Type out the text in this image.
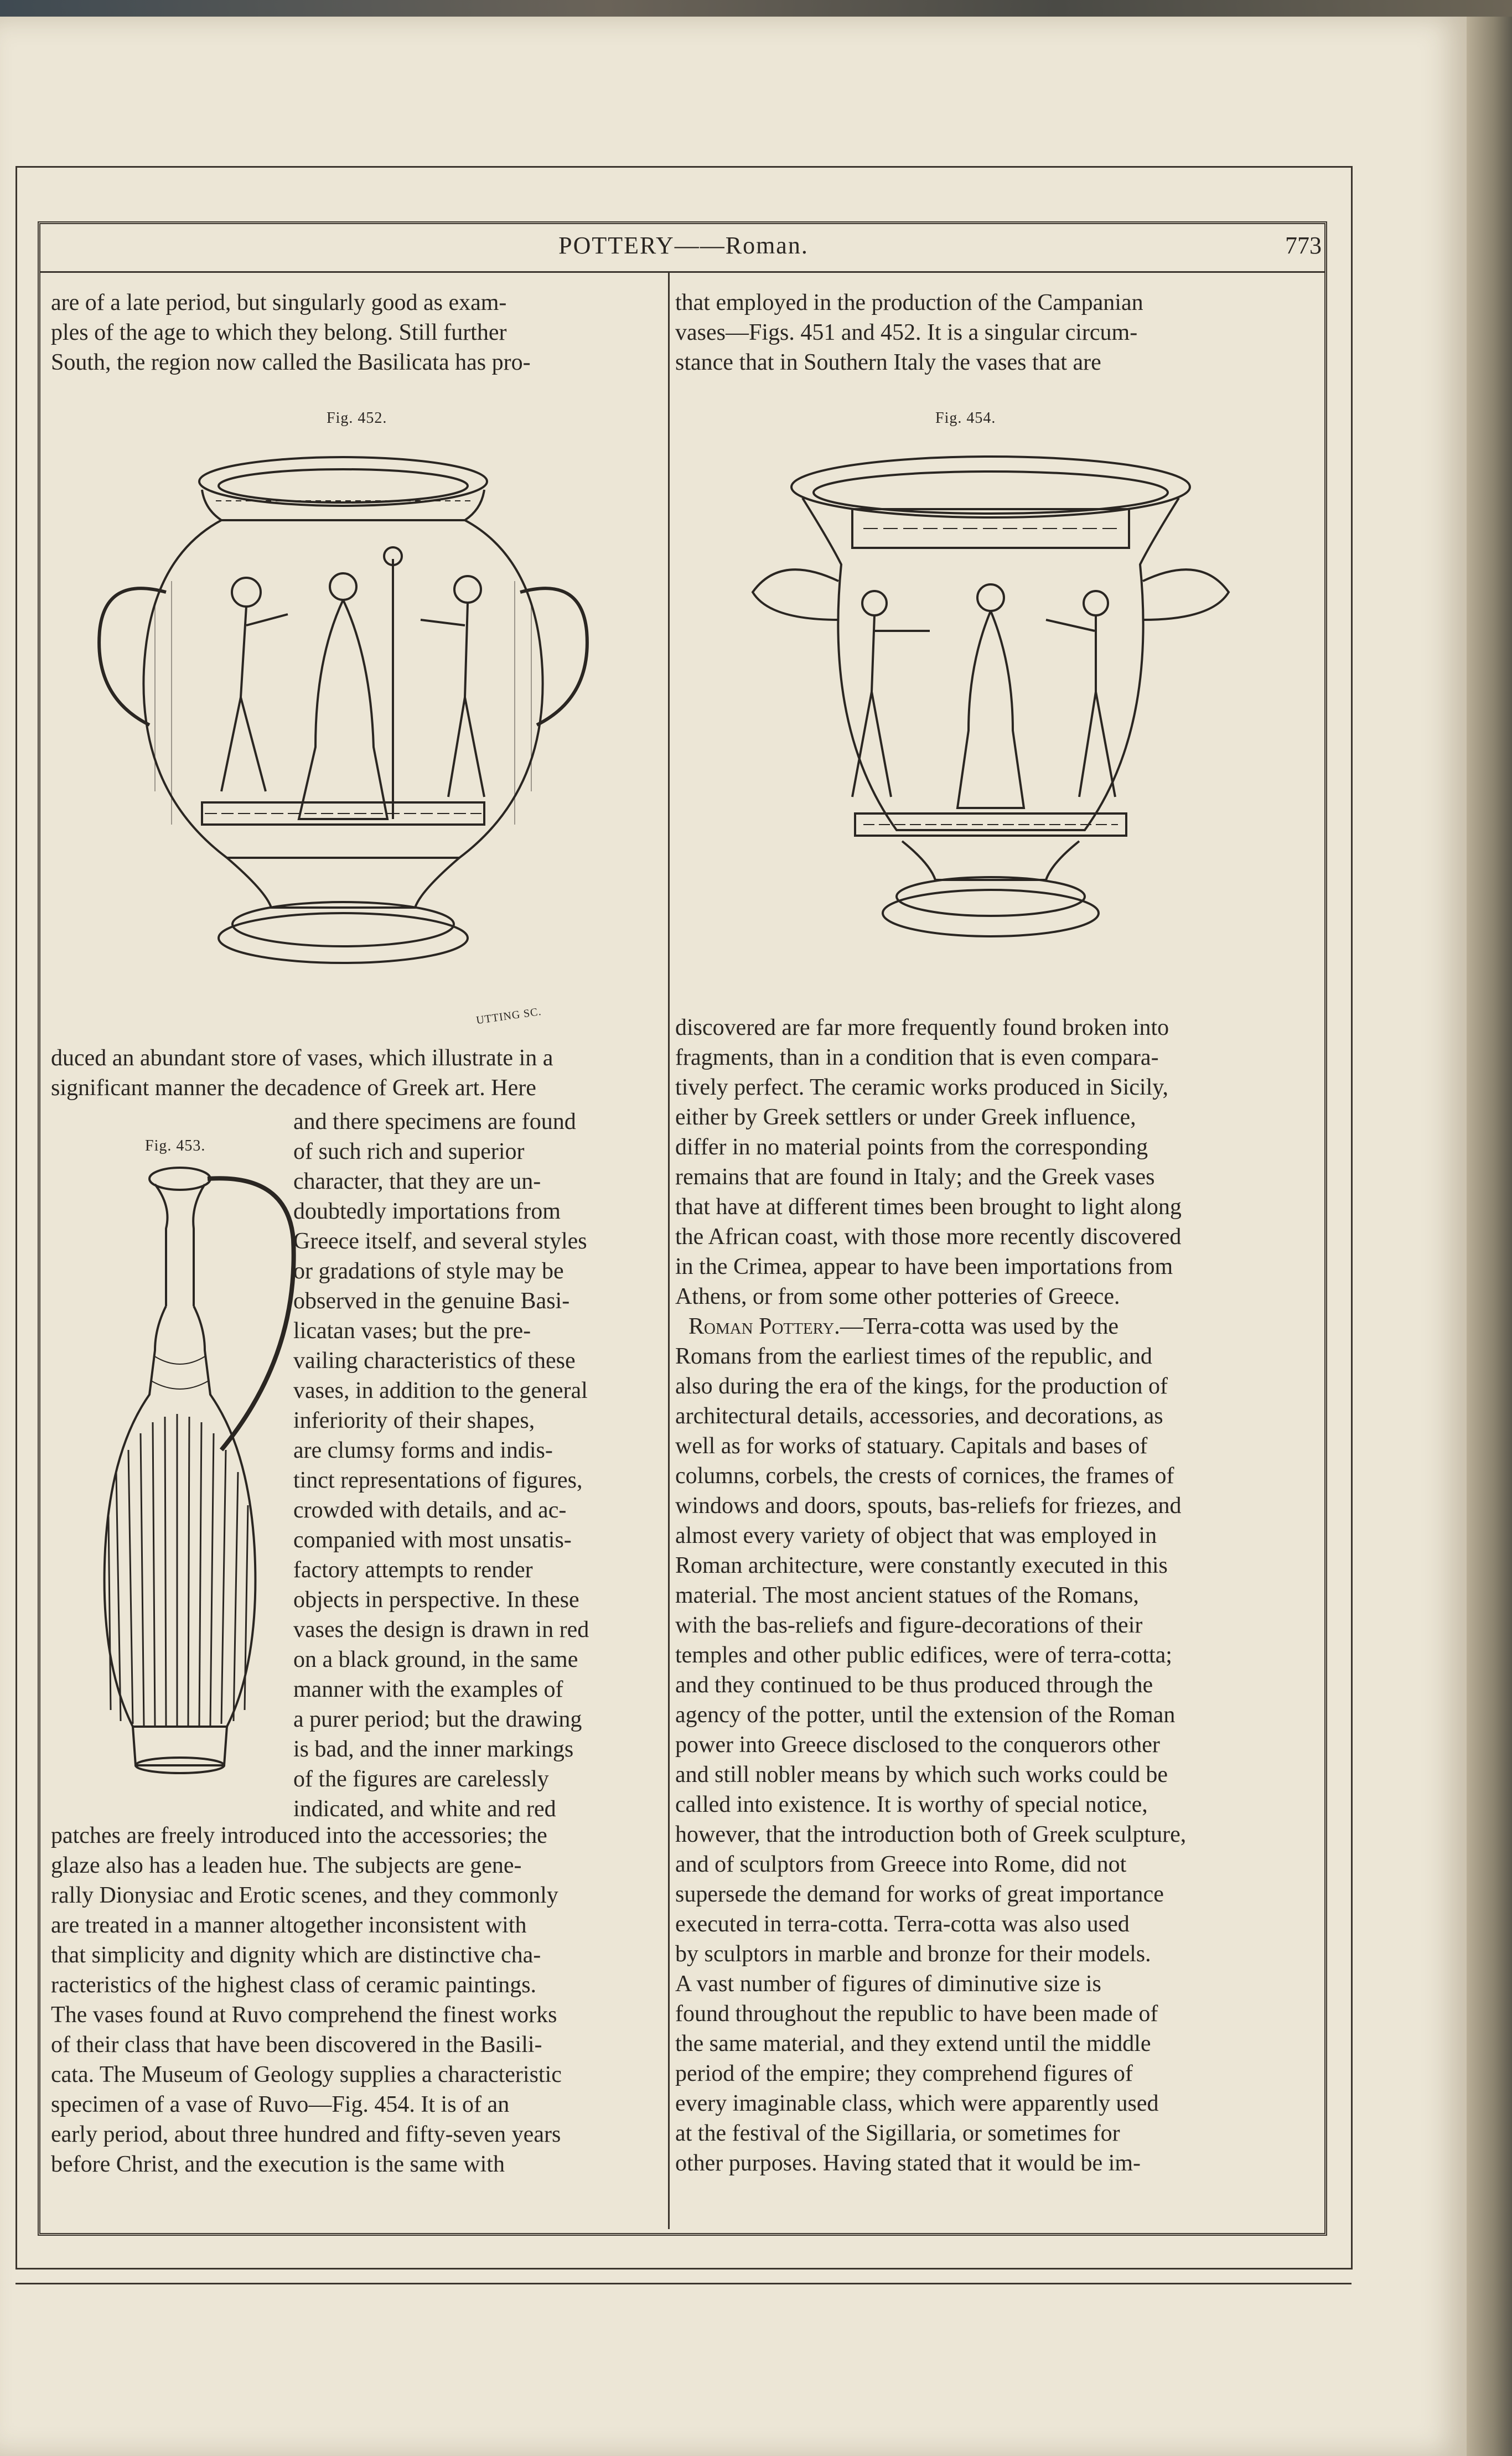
POTTERY——Roman.	773

are of a late period, but singularly good as exam-

ples of the age to which they belong. Still further

South, the region now called the Basilicata has pro-

Fig. 452.
UTTING SC.

duced an abundant store of vases, which illustrate in a

significant manner the decadence of Greek art. Here

Fig. 453.

and there specimens are found

of such rich and superior

character, that they are un-

doubtedly importations from

Greece itself, and several styles

or gradations of style may be

observed in the genuine Basi-

licatan vases; but the pre-

vailing characteristics of these

vases, in addition to the general

inferiority of their shapes,

are clumsy forms and indis-

tinct representations of figures,

crowded with details, and ac-

companied with most unsatis-

factory attempts to render

objects in perspective. In these

vases the design is drawn in red

on a black ground, in the same

manner with the examples of

a purer period; but the drawing

is bad, and the inner markings

of the figures are carelessly

indicated, and white and red

patches are freely introduced into the accessories; the

glaze also has a leaden hue. The subjects are gene-

rally Dionysiac and Erotic scenes, and they commonly

are treated in a manner altogether inconsistent with

that simplicity and dignity which are distinctive cha-

racteristics of the highest class of ceramic paintings.

The vases found at Ruvo comprehend the finest works

of their class that have been discovered in the Basili-

cata. The Museum of Geology supplies a characteristic

specimen of a vase of Ruvo—Fig. 454. It is of an

early period, about three hundred and fifty-seven years

before Christ, and the execution is the same with

that employed in the production of the Campanian

vases—Figs. 451 and 452. It is a singular circum-

stance that in Southern Italy the vases that are

Fig. 454.

discovered are far more frequently found broken into

fragments, than in a condition that is even compara-

tively perfect. The ceramic works produced in Sicily,

either by Greek settlers or under Greek influence,

differ in no material points from the corresponding

remains that are found in Italy; and the Greek vases

that have at different times been brought to light along

the African coast, with those more recently discovered

in the Crimea, appear to have been importations from

Athens, or from some other potteries of Greece.

Roman Pottery.—Terra-cotta was used by the

Romans from the earliest times of the republic, and

also during the era of the kings, for the production of

architectural details, accessories, and decorations, as

well as for works of statuary. Capitals and bases of

columns, corbels, the crests of cornices, the frames of

windows and doors, spouts, bas-reliefs for friezes, and

almost every variety of object that was employed in

Roman architecture, were constantly executed in this

material. The most ancient statues of the Romans,

with the bas-reliefs and figure-decorations of their

temples and other public edifices, were of terra-cotta;

and they continued to be thus produced through the

agency of the potter, until the extension of the Roman

power into Greece disclosed to the conquerors other

and still nobler means by which such works could be

called into existence. It is worthy of special notice,

however, that the introduction both of Greek sculpture,

and of sculptors from Greece into Rome, did not

supersede the demand for works of great importance

executed in terra-cotta. Terra-cotta was also used

by sculptors in marble and bronze for their models.

A vast number of figures of diminutive size is

found throughout the republic to have been made of

the same material, and they extend until the middle

period of the empire; they comprehend figures of

every imaginable class, which were apparently used

at the festival of the Sigillaria, or sometimes for

other purposes. Having stated that it would be im-
